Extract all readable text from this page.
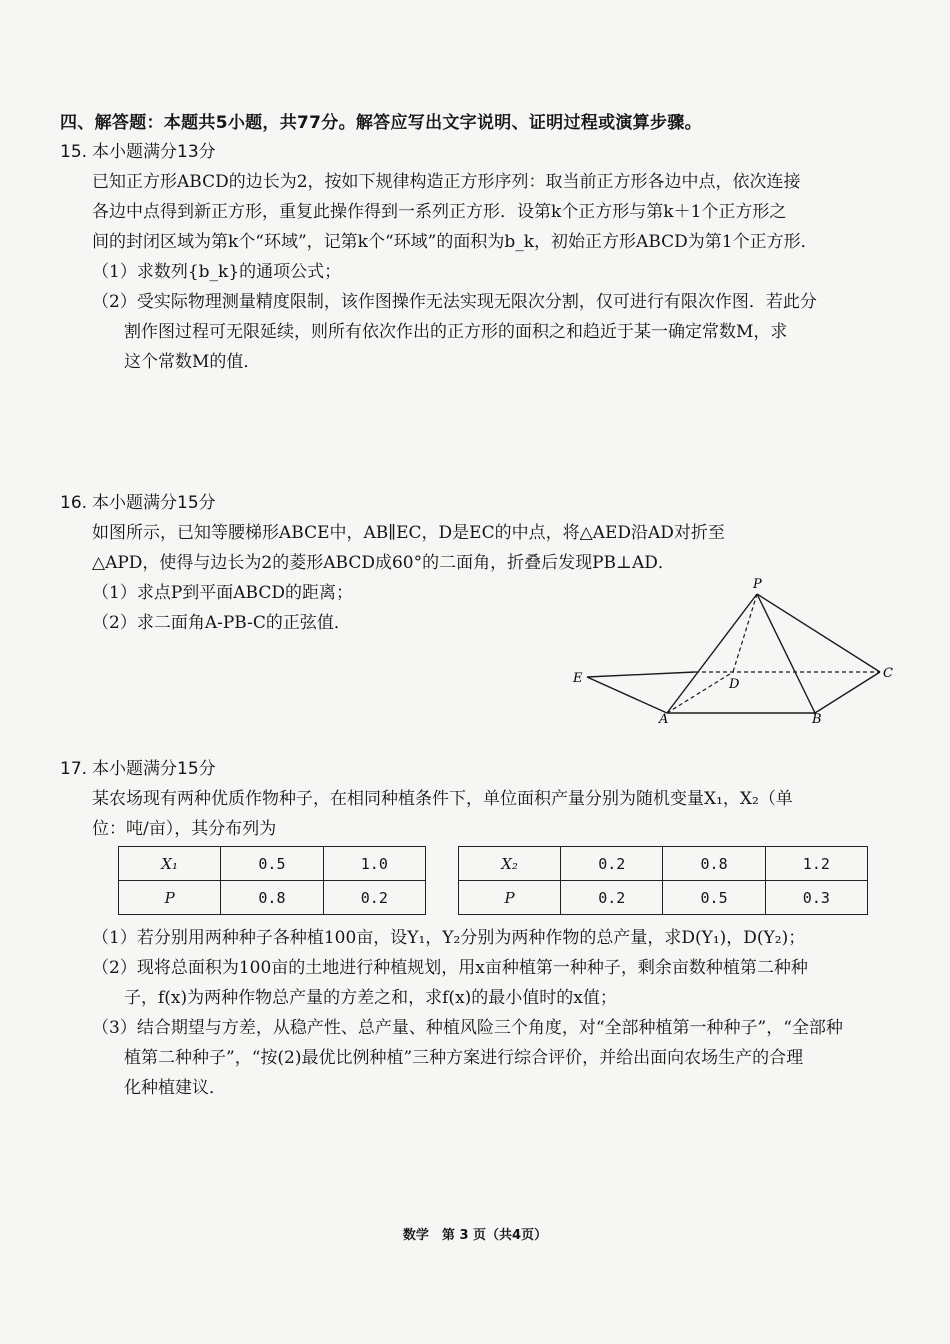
四、解答题：本题共5小题，共77分。解答应写出文字说明、证明过程或演算步骤。
15. 本小题满分13分
已知正方形ABCD的边长为2，按如下规律构造正方形序列：取当前正方形各边中点，依次连接
各边中点得到新正方形，重复此操作得到一系列正方形．设第k个正方形与第k＋1个正方形之
间的封闭区域为第k个“环域”，记第k个“环域”的面积为b_k，初始正方形ABCD为第1个正方形．
（1）求数列{b_k}的通项公式；
（2）受实际物理测量精度限制，该作图操作无法实现无限次分割，仅可进行有限次作图．若此分
割作图过程可无限延续，则所有依次作出的正方形的面积之和趋近于某一确定常数M，求
这个常数M的值．
16. 本小题满分15分
如图所示，已知等腰梯形ABCE中，AB∥EC，D是EC的中点，将△AED沿AD对折至
△APD，使得与边长为2的菱形ABCD成60°的二面角，折叠后发现PB⊥AD．
（1）求点P到平面ABCD的距离；
（2）求二面角A-PB-C的正弦值．
P
E	D
C
A	B
17. 本小题满分15分
某农场现有两种优质作物种子，在相同种植条件下，单位面积产量分别为随机变量X₁，X₂（单
位：吨/亩），其分布列为
X₁	0.5	1.0
P	0.8	0.2
X₂	0.2	0.8	1.2
P	0.2	0.5	0.3
（1）若分别用两种种子各种植100亩，设Y₁，Y₂分别为两种作物的总产量，求D(Y₁)，D(Y₂)；
（2）现将总面积为100亩的土地进行种植规划，用x亩种植第一种种子，剩余亩数种植第二种种
子，f(x)为两种作物总产量的方差之和，求f(x)的最小值时的x值；
（3）结合期望与方差，从稳产性、总产量、种植风险三个角度，对“全部种植第一种种子”，“全部种
植第二种种子”，“按(2)最优比例种植”三种方案进行综合评价，并给出面向农场生产的合理
化种植建议．
数学　第 3 页（共4页）
